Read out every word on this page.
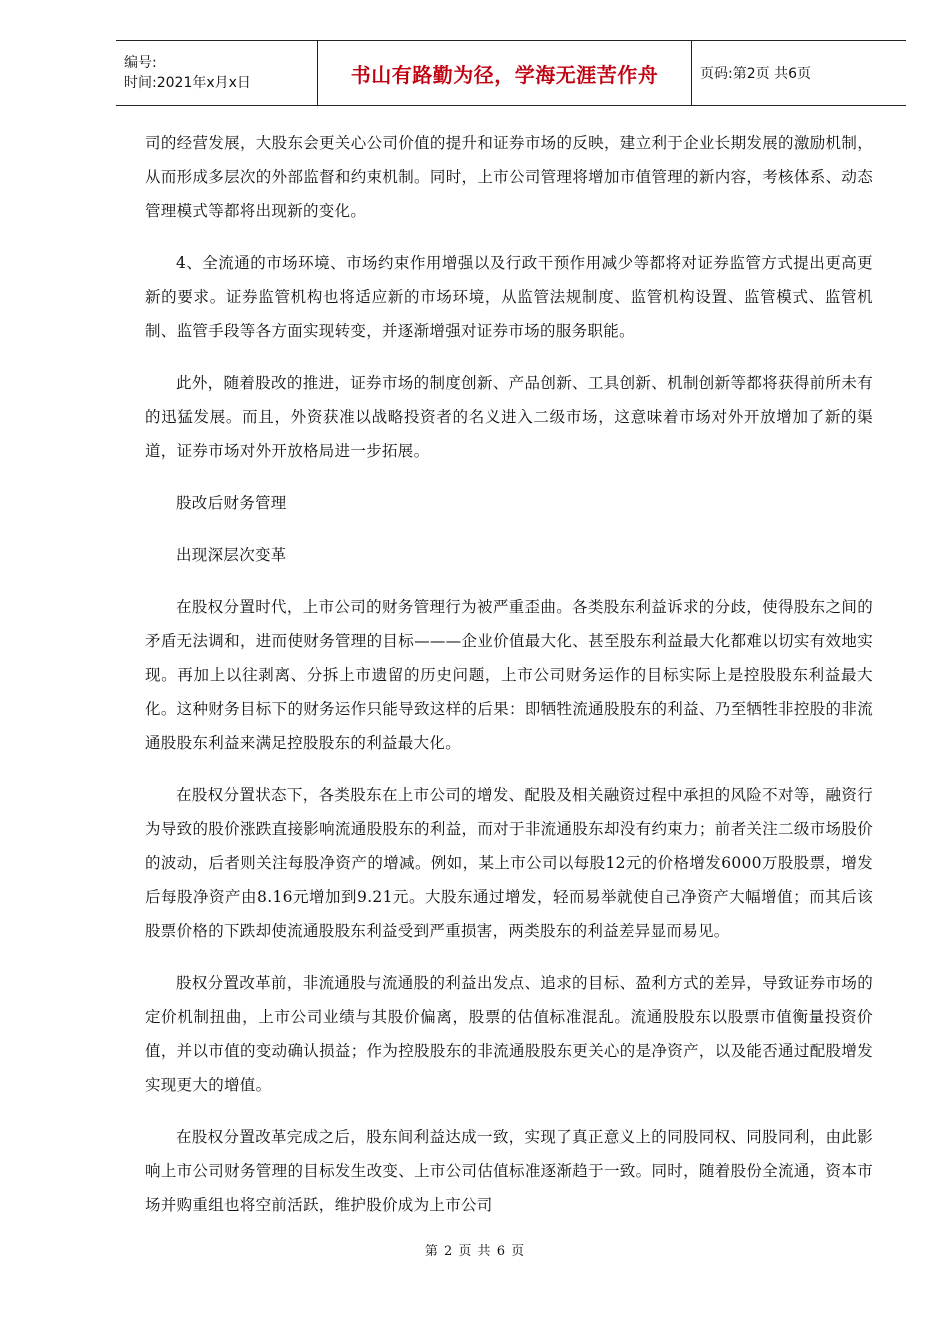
编号:
时间:2021年x月x日	书山有路勤为径，学海无涯苦作舟	页码:第2页 共6页

司的经营发展，大股东会更关心公司价值的提升和证券市场的反映，建立利于企业长期发展的激励机制，从而形成多层次的外部监督和约束机制。同时，上市公司管理将增加市值管理的新内容，考核体系、动态管理模式等都将出现新的变化。

4、全流通的市场环境、市场约束作用增强以及行政干预作用减少等都将对证券监管方式提出更高更新的要求。证券监管机构也将适应新的市场环境，从监管法规制度、监管机构设置、监管模式、监管机制、监管手段等各方面实现转变，并逐渐增强对证券市场的服务职能。

此外，随着股改的推进，证券市场的制度创新、产品创新、工具创新、机制创新等都将获得前所未有的迅猛发展。而且，外资获准以战略投资者的名义进入二级市场，这意味着市场对外开放增加了新的渠道，证券市场对外开放格局进一步拓展。

股改后财务管理

出现深层次变革

在股权分置时代，上市公司的财务管理行为被严重歪曲。各类股东利益诉求的分歧，使得股东之间的矛盾无法调和，进而使财务管理的目标———企业价值最大化、甚至股东利益最大化都难以切实有效地实现。再加上以往剥离、分拆上市遗留的历史问题，上市公司财务运作的目标实际上是控股股东利益最大化。这种财务目标下的财务运作只能导致这样的后果：即牺牲流通股股东的利益、乃至牺牲非控股的非流通股股东利益来满足控股股东的利益最大化。

在股权分置状态下，各类股东在上市公司的增发、配股及相关融资过程中承担的风险不对等，融资行为导致的股价涨跌直接影响流通股股东的利益，而对于非流通股东却没有约束力；前者关注二级市场股价的波动，后者则关注每股净资产的增减。例如，某上市公司以每股12元的价格增发6000万股股票，增发后每股净资产由8.16元增加到9.21元。大股东通过增发，轻而易举就使自己净资产大幅增值；而其后该股票价格的下跌却使流通股股东利益受到严重损害，两类股东的利益差异显而易见。

股权分置改革前，非流通股与流通股的利益出发点、追求的目标、盈利方式的差异，导致证券市场的定价机制扭曲，上市公司业绩与其股价偏离，股票的估值标准混乱。流通股股东以股票市值衡量投资价值，并以市值的变动确认损益；作为控股股东的非流通股股东更关心的是净资产，以及能否通过配股增发实现更大的增值。

在股权分置改革完成之后，股东间利益达成一致，实现了真正意义上的同股同权、同股同利，由此影响上市公司财务管理的目标发生改变、上市公司估值标准逐渐趋于一致。同时，随着股份全流通，资本市场并购重组也将空前活跃，维护股价成为上市公司

第 2 页 共 6 页
